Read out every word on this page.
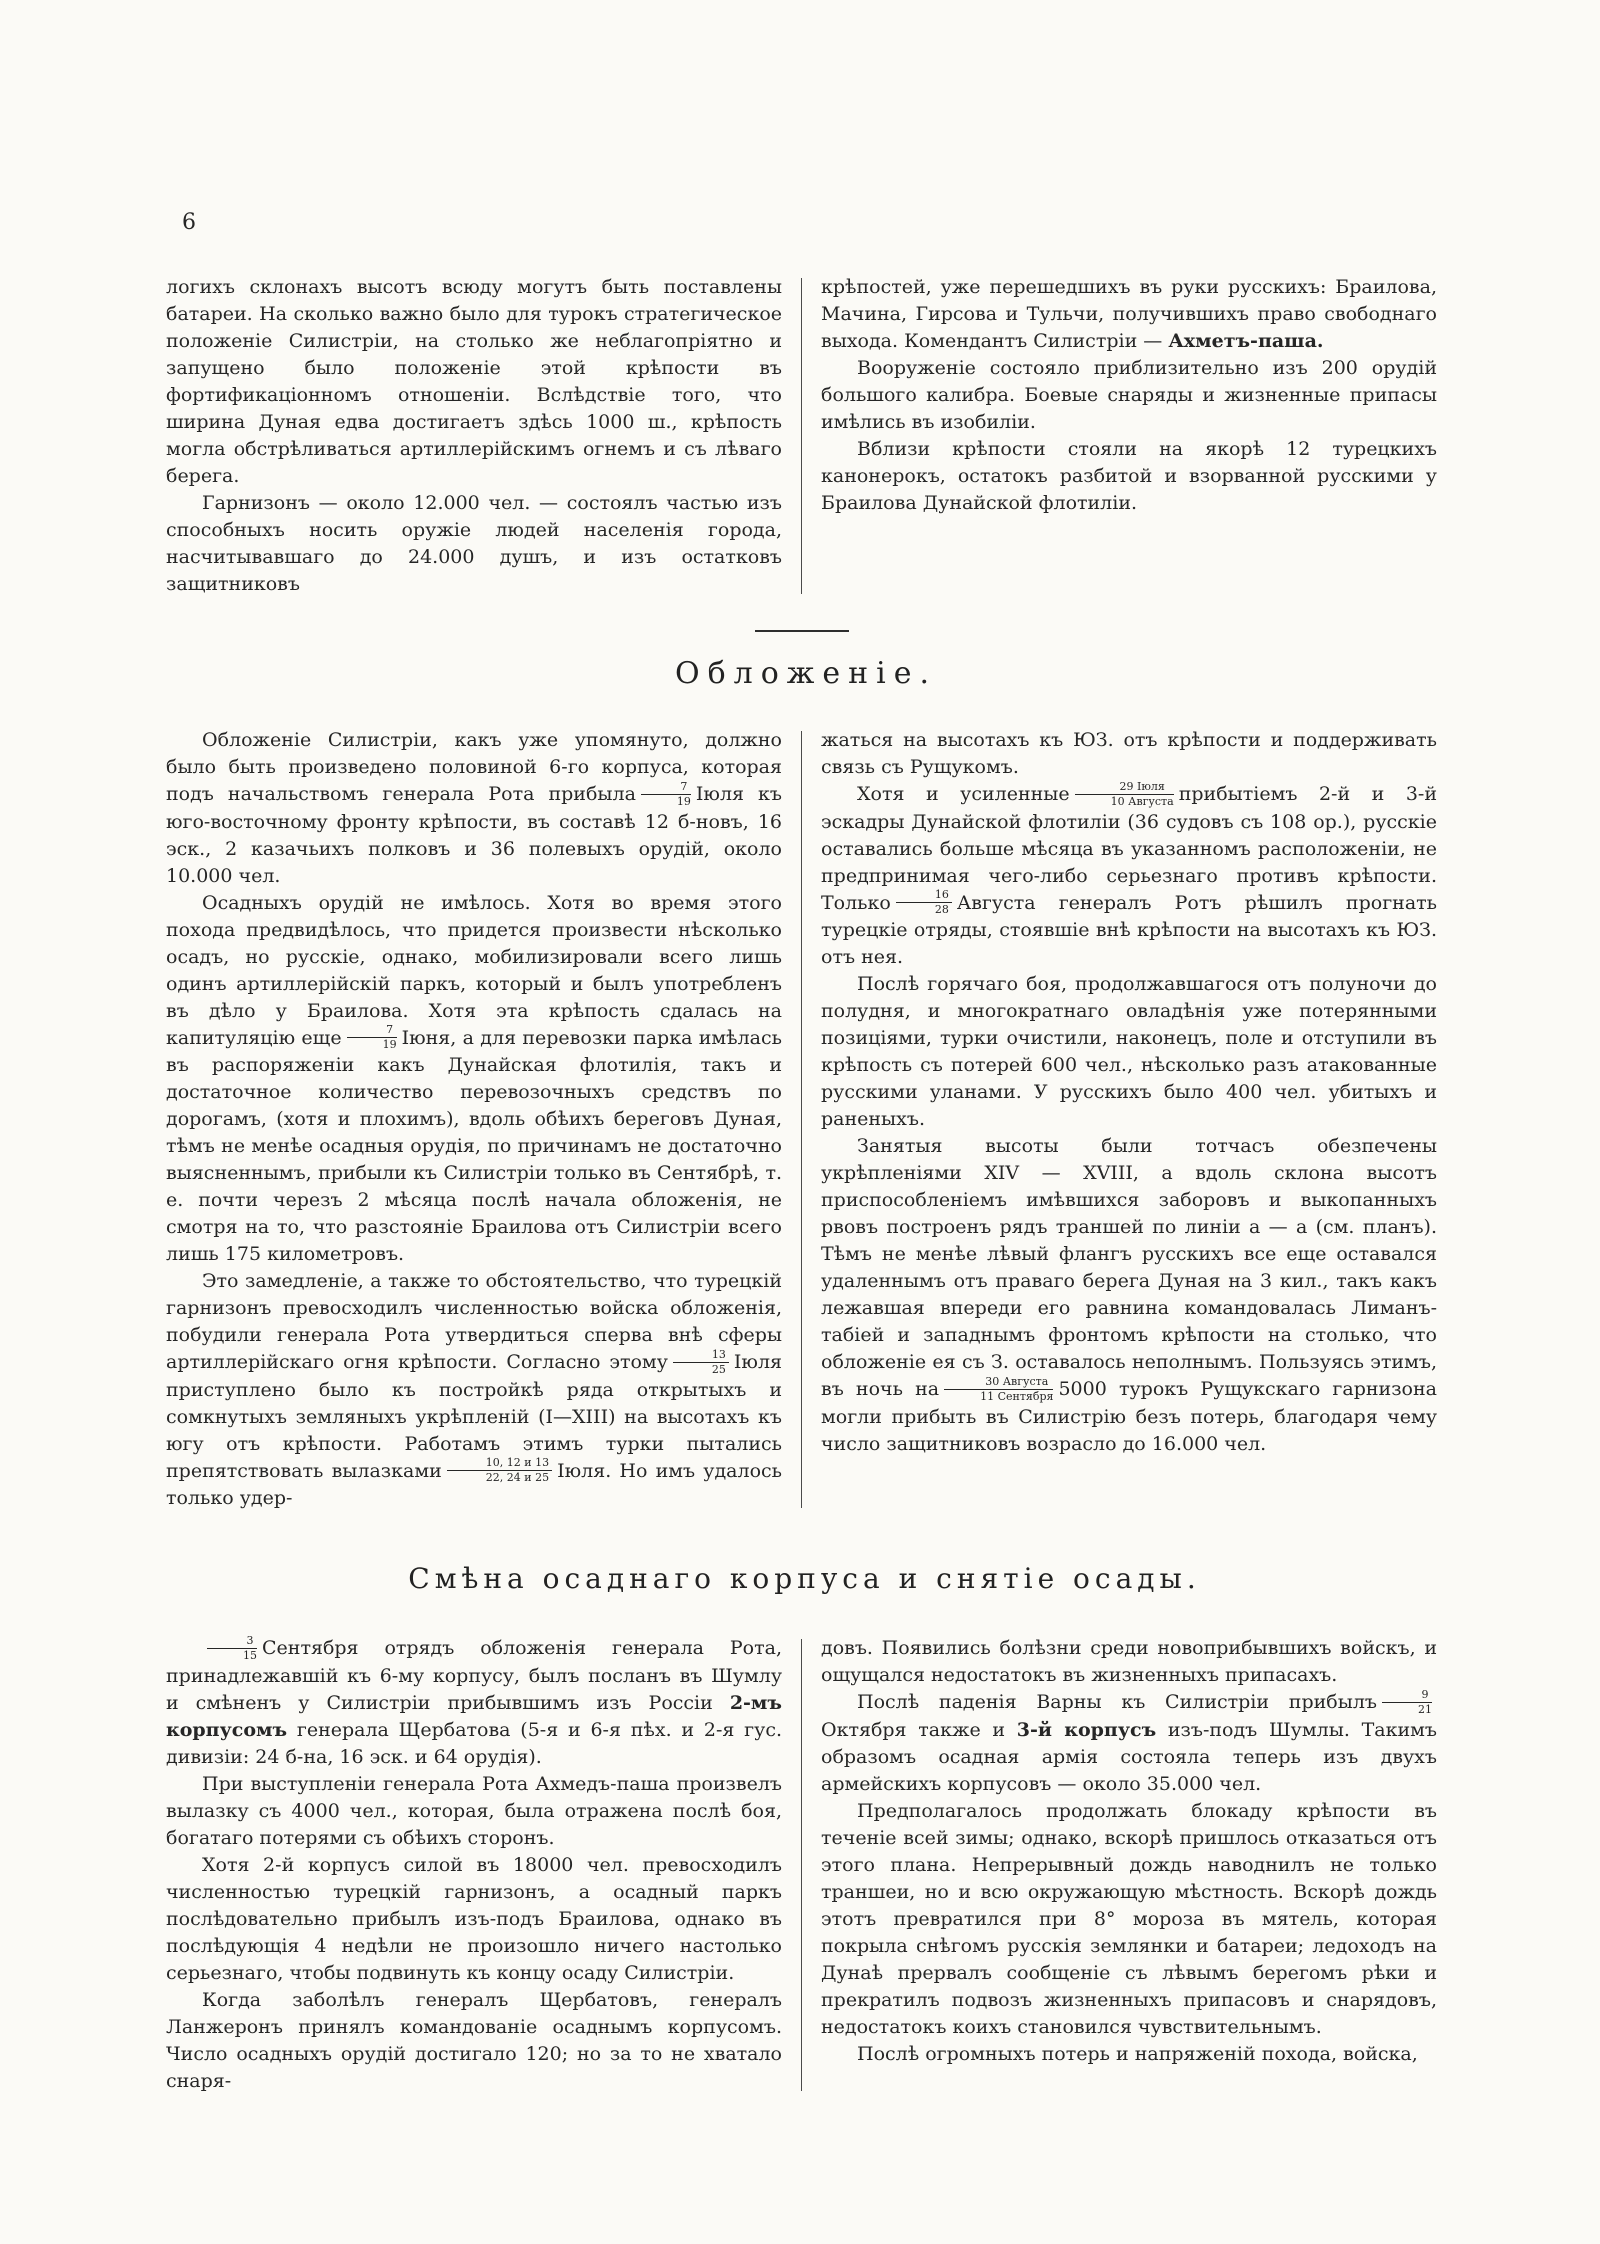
6

логихъ склонахъ высотъ всюду могутъ быть поставлены батареи. На сколько важно было для турокъ стратегическое положеніе Силистріи, на столько же неблагопріятно и запущено было положеніе этой крѣпости въ фортификаціонномъ отношеніи. Вслѣдствіе того, что ширина Дуная едва достигаетъ здѣсь 1000 ш., крѣпость могла обстрѣливаться артиллерійскимъ огнемъ и съ лѣваго берега.

Гарнизонъ — около 12.000 чел. — состоялъ частью изъ способныхъ носить оружіе людей населенія города, насчитывавшаго до 24.000 душъ, и изъ остатковъ защитниковъ

крѣпостей, уже перешедшихъ въ руки русскихъ: Браилова, Мачина, Гирсова и Тульчи, получившихъ право свободнаго выхода. Комендантъ Силистріи — Ахметъ-паша.

Вооруженіе состояло приблизительно изъ 200 орудій большого калибра. Боевые снаряды и жизненные припасы имѣлись въ изобиліи.

Вблизи крѣпости стояли на якорѣ 12 турецкихъ канонерокъ, остатокъ разбитой и взорванной русскими у Браилова Дунайской флотиліи.

Обложеніе.

Обложеніе Силистріи, какъ уже упомянуто, должно было быть произведено половиной 6-го корпуса, которая подъ начальствомъ генерала Рота прибыла $\frac{7}{19}$ Іюля къ юго-восточному фронту крѣпости, въ составѣ 12 б-новъ, 16 эск., 2 казачьихъ полковъ и 36 полевыхъ орудій, около 10.000 чел.

Осадныхъ орудій не имѣлось. Хотя во время этого похода предвидѣлось, что придется произвести нѣсколько осадъ, но русскіе, однако, мобилизировали всего лишь одинъ артиллерійскій паркъ, который и былъ употребленъ въ дѣло у Браилова. Хотя эта крѣпость сдалась на капитуляцію еще $\frac{7}{19}$ Іюня, а для перевозки парка имѣлась въ распоряженіи какъ Дунайская флотилія, такъ и достаточное количество перевозочныхъ средствъ по дорогамъ, (хотя и плохимъ), вдоль обѣихъ береговъ Дуная, тѣмъ не менѣе осадныя орудія, по причинамъ не достаточно выясненнымъ, прибыли къ Силистріи только въ Сентябрѣ, т. е. почти черезъ 2 мѣсяца послѣ начала обложенія, не смотря на то, что разстояніе Браилова отъ Силистріи всего лишь 175 километровъ.

Это замедленіе, а также то обстоятельство, что турецкій гарнизонъ превосходилъ численностью войска обложенія, побудили генерала Рота утвердиться сперва внѣ сферы артиллерійскаго огня крѣпости. Согласно этому $\frac{13}{25}$ Іюля приступлено было къ постройкѣ ряда открытыхъ и сомкнутыхъ земляныхъ укрѣпленій (I—XIII) на высотахъ къ югу отъ крѣпости. Работамъ этимъ турки пытались препятствовать вылазками $\frac{10, 12 и 13}{22, 24 и 25}$ Іюля. Но имъ удалось только удер-

жаться на высотахъ къ ЮЗ. отъ крѣпости и поддерживать связь съ Рущукомъ.

Хотя и усиленные $\frac{\text{29 Іюля}}{\text{10 Августа}}$ прибытіемъ 2-й и 3-й эскадры Дунайской флотиліи (36 судовъ съ 108 ор.), русскіе оставались больше мѣсяца въ указанномъ расположеніи, не предпринимая чего-либо серьезнаго противъ крѣпости. Только $\frac{16}{28}$ Августа генералъ Ротъ рѣшилъ прогнать турецкіе отряды, стоявшіе внѣ крѣпости на высотахъ къ ЮЗ. отъ нея.

Послѣ горячаго боя, продолжавшагося отъ полуночи до полудня, и многократнаго овладѣнія уже потерянными позиціями, турки очистили, наконецъ, поле и отступили въ крѣпость съ потерей 600 чел., нѣсколько разъ атакованные русскими уланами. У русскихъ было 400 чел. убитыхъ и раненыхъ.

Занятыя высоты были тотчасъ обезпечены укрѣпленіями XIV — XVIII, а вдоль склона высотъ приспособленіемъ имѣвшихся заборовъ и выкопанныхъ рвовъ построенъ рядъ траншей по линіи а — а (см. планъ). Тѣмъ не менѣе лѣвый флангъ русскихъ все еще оставался удаленнымъ отъ праваго берега Дуная на 3 кил., такъ какъ лежавшая впереди его равнина командовалась Лиманъ-табіей и западнымъ фронтомъ крѣпости на столько, что обложеніе ея съ З. оставалось неполнымъ. Пользуясь этимъ, въ ночь на $\frac{\text{30 Августа}}{\text{11 Сентября}} 5000$ турокъ Рущукскаго гарнизона могли прибыть въ Силистрію безъ потерь, благодаря чему число защитниковъ возрасло до 16.000 чел.

Смѣна осаднаго корпуса и снятіе осады.

$\frac{3}{15}$ Сентября отрядъ обложенія генерала Рота, принадлежавшій къ 6-му корпусу, былъ посланъ въ Шумлу и смѣненъ у Силистріи прибывшимъ изъ Россіи 2-мъ корпусомъ генерала Щербатова (5-я и 6-я пѣх. и 2-я гус. дивизіи: 24 б-на, 16 эск. и 64 орудія).

При выступленіи генерала Рота Ахмедъ-паша произвелъ вылазку съ 4000 чел., которая, была отражена послѣ боя, богатаго потерями съ обѣихъ сторонъ.

Хотя 2-й корпусъ силой въ 18000 чел. превосходилъ численностью турецкій гарнизонъ, а осадный паркъ послѣдовательно прибылъ изъ-подъ Браилова, однако въ послѣдующія 4 недѣли не произошло ничего настолько серьезнаго, чтобы подвинуть къ концу осаду Силистріи.

Когда заболѣлъ генералъ Щербатовъ, генералъ Ланжеронъ принялъ командованіе осаднымъ корпусомъ. Число осадныхъ орудій достигало 120; но за то не хватало снаря-

довъ. Появились болѣзни среди новоприбывшихъ войскъ, и ощущался недостатокъ въ жизненныхъ припасахъ.

Послѣ паденія Варны къ Силистріи прибылъ $\frac{9}{21}$
Октября также и 3-й корпусъ изъ-подъ Шумлы. Такимъ образомъ осадная армія состояла теперь изъ двухъ армейскихъ корпусовъ — около 35.000 чел.

Предполагалось продолжать блокаду крѣпости въ теченіе всей зимы; однако, вскорѣ пришлось отказаться отъ этого плана. Непрерывный дождь наводнилъ не только траншеи, но и всю окружающую мѣстность. Вскорѣ дождь этотъ превратился при 8° мороза въ мятель, которая покрыла снѣгомъ русскія землянки и батареи; ледоходъ на Дунаѣ прервалъ сообщеніе съ лѣвымъ берегомъ рѣки и прекратилъ подвозъ жизненныхъ припасовъ и снарядовъ, недостатокъ коихъ становился чувствительнымъ.

Послѣ огромныхъ потерь и напряженій похода, войска,
